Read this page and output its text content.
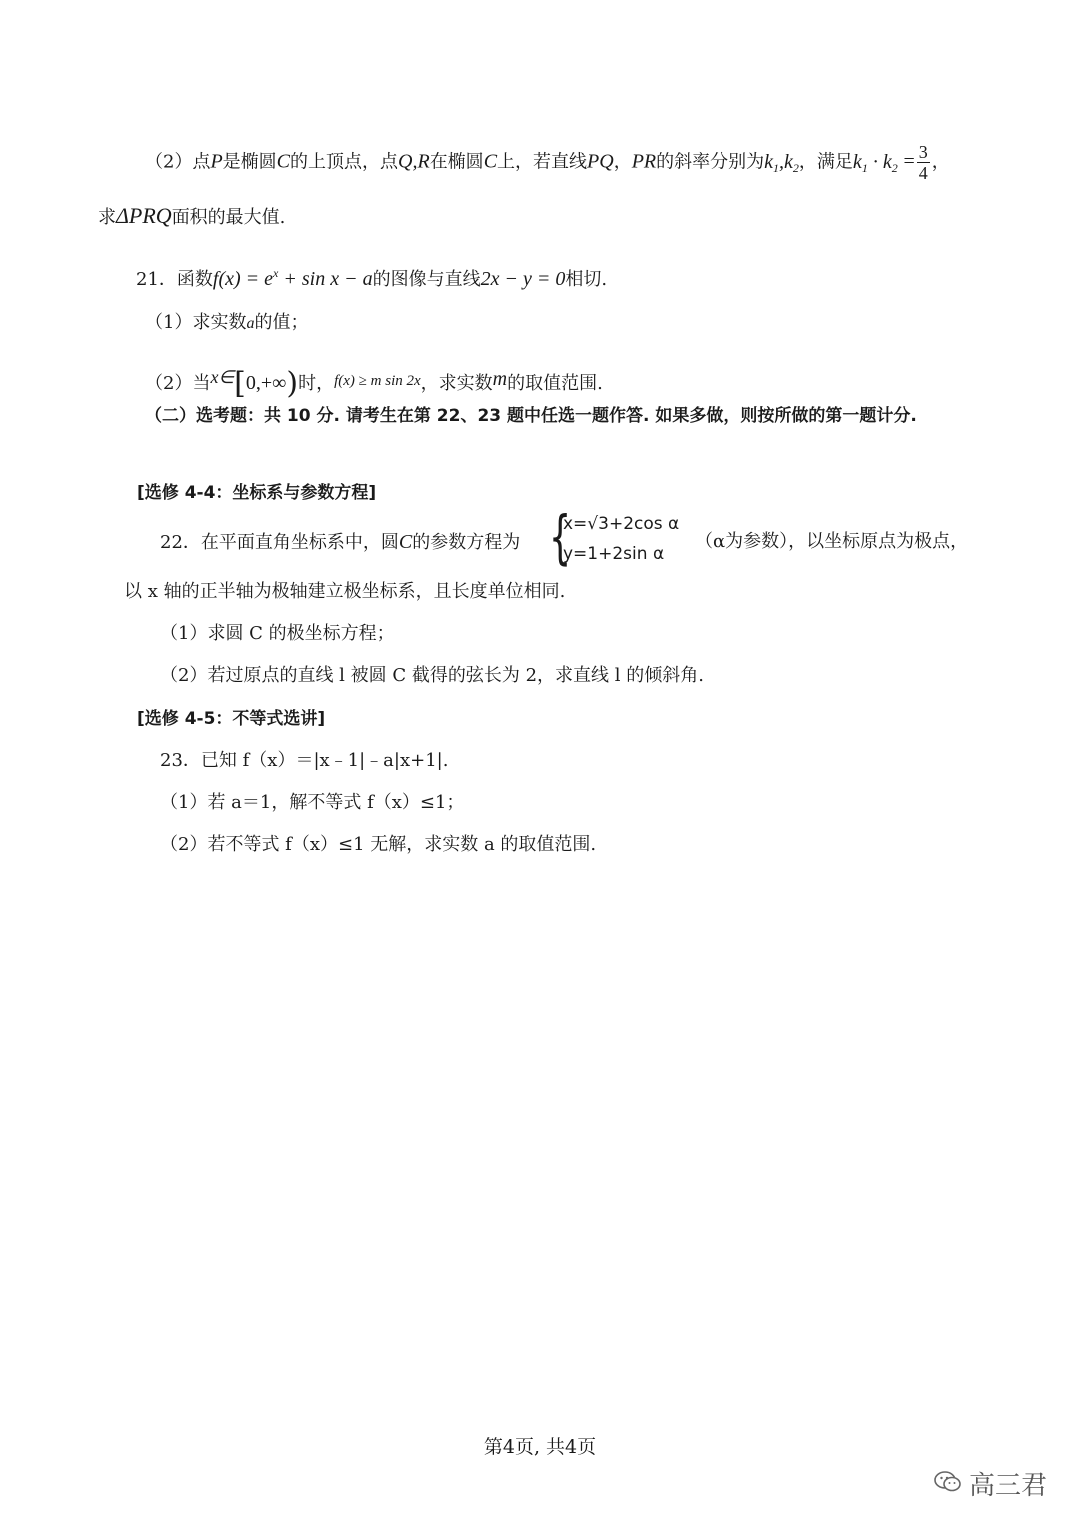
（2）点P是椭圆C的上顶点，点Q,R在椭圆C上，若直线PQ，PR的斜率分别为$k_1,k_2$，满足$k_1 \cdot k_2 = \frac{3}{4}$ ，
求ΔPRQ面积的最大值.
21．函数$f(x) = e^x + \sin x - a$的图像与直线2x − y = 0相切.
（1）求实数a的值；
（2）当x∈[0,+∞)时，$^{f(x) \ge m sin 2x}$，求实数m的取值范围.
（二）选考题：共 10 分. 请考生在第 22、23 题中任选一题作答. 如果多做，则按所做的第一题计分.
[选修 4-4：坐标系与参数方程]
22．在平面直角坐标系中，圆C的参数方程为 {
x=√3+2cos α
y=1+2sin α
（α为参数），以坐标原点为极点，
以 x 轴的正半轴为极轴建立极坐标系，且长度单位相同.
（1）求圆 C 的极坐标方程；
（2）若过原点的直线 l 被圆 C 截得的弦长为 2，求直线 l 的倾斜角.
[选修 4-5：不等式选讲]
23．已知 f（x）＝|x﹣1|﹣a|x+1|.
（1）若 a＝1，解不等式 f（x）≤1；
（2）若不等式 f（x）≤1 无解，求实数 a 的取值范围.
第4页, 共4页
高三君
